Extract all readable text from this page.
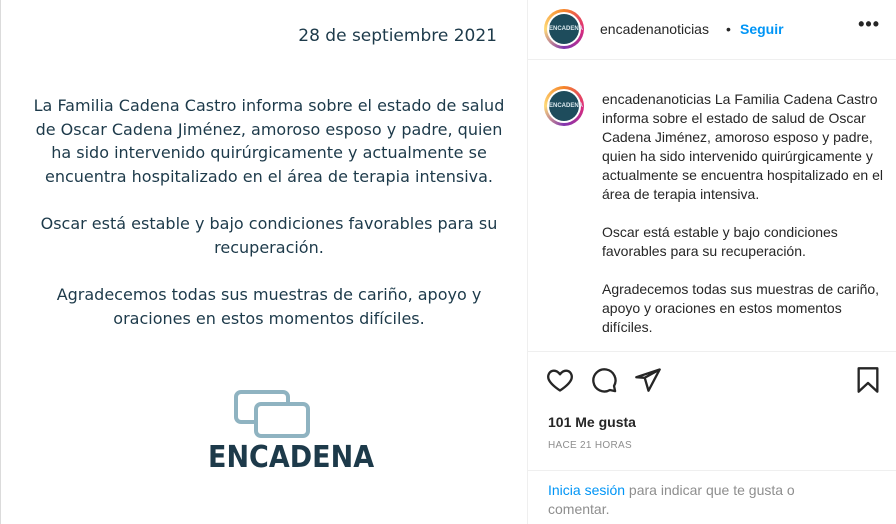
28 de septiembre 2021

La Familia Cadena Castro informa sobre el estado de salud de Oscar Cadena Jiménez, amoroso esposo y padre, quien ha sido intervenido quirúrgicamente y actualmente se encuentra hospitalizado en el área de terapia intensiva.

Oscar está estable y bajo condiciones favorables para su recuperación.

Agradecemos todas sus muestras de cariño, apoyo y oraciones en estos momentos difíciles.

ENCADENA
ENCADENA encadenanoticias • Seguir	•••
ENCADENA encadenanoticias La Familia Cadena Castro informa sobre el estado de salud de Oscar Cadena Jiménez, amoroso esposo y padre, quien ha sido intervenido quirúrgicamente y actualmente se encuentra hospitalizado en el área de terapia intensiva.

Oscar está estable y bajo condiciones favorables para su recuperación.

Agradecemos todas sus muestras de cariño, apoyo y oraciones en estos momentos difíciles.

101 Me gusta
HACE 21 HORAS
Inicia sesión para indicar que te gusta o comentar.
